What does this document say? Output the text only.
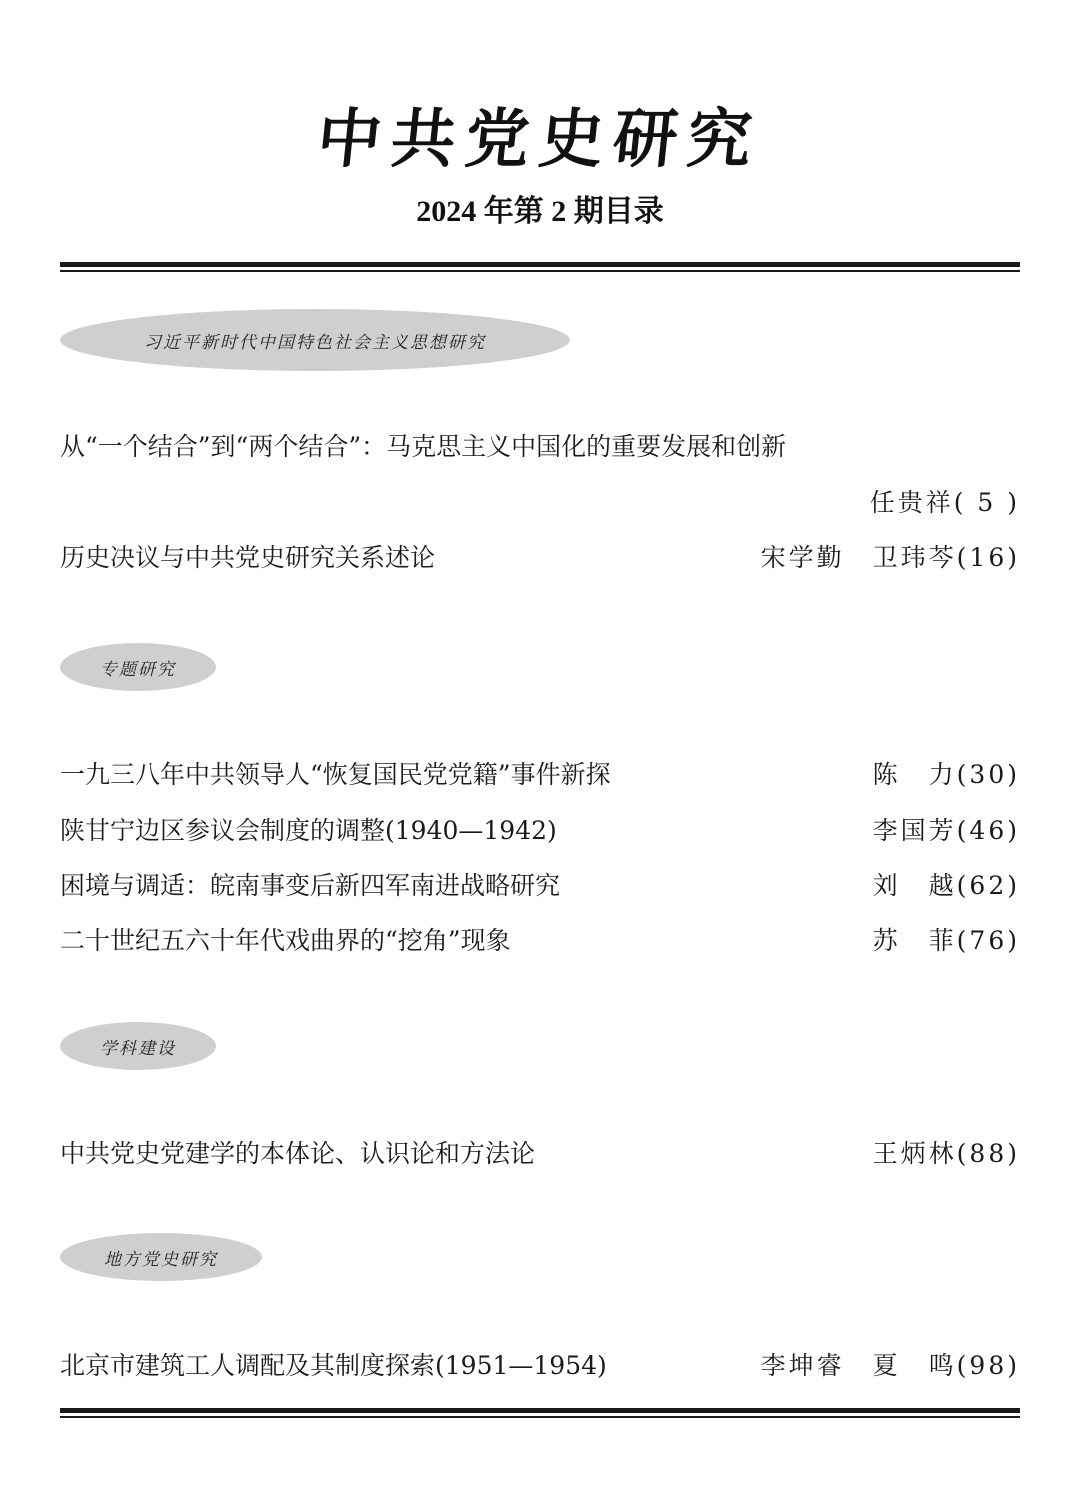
中共党史研究
2024 年第 2 期目录
习近平新时代中国特色社会主义思想研究
从“一个结合”到“两个结合”：马克思主义中国化的重要发展和创新
任贵祥( 5 )
历史决议与中共党史研究关系述论	宋学勤　卫玮芩(16)
专题研究
一九三八年中共领导人“恢复国民党党籍”事件新探	陈　力(30)
陕甘宁边区参议会制度的调整(1940—1942)	李国芳(46)
困境与调适：皖南事变后新四军南进战略研究	刘　越(62)
二十世纪五六十年代戏曲界的“挖角”现象	苏　菲(76)
学科建设
中共党史党建学的本体论、认识论和方法论	王炳林(88)
地方党史研究
北京市建筑工人调配及其制度探索(1951—1954)	李坤睿　夏　鸣(98)
